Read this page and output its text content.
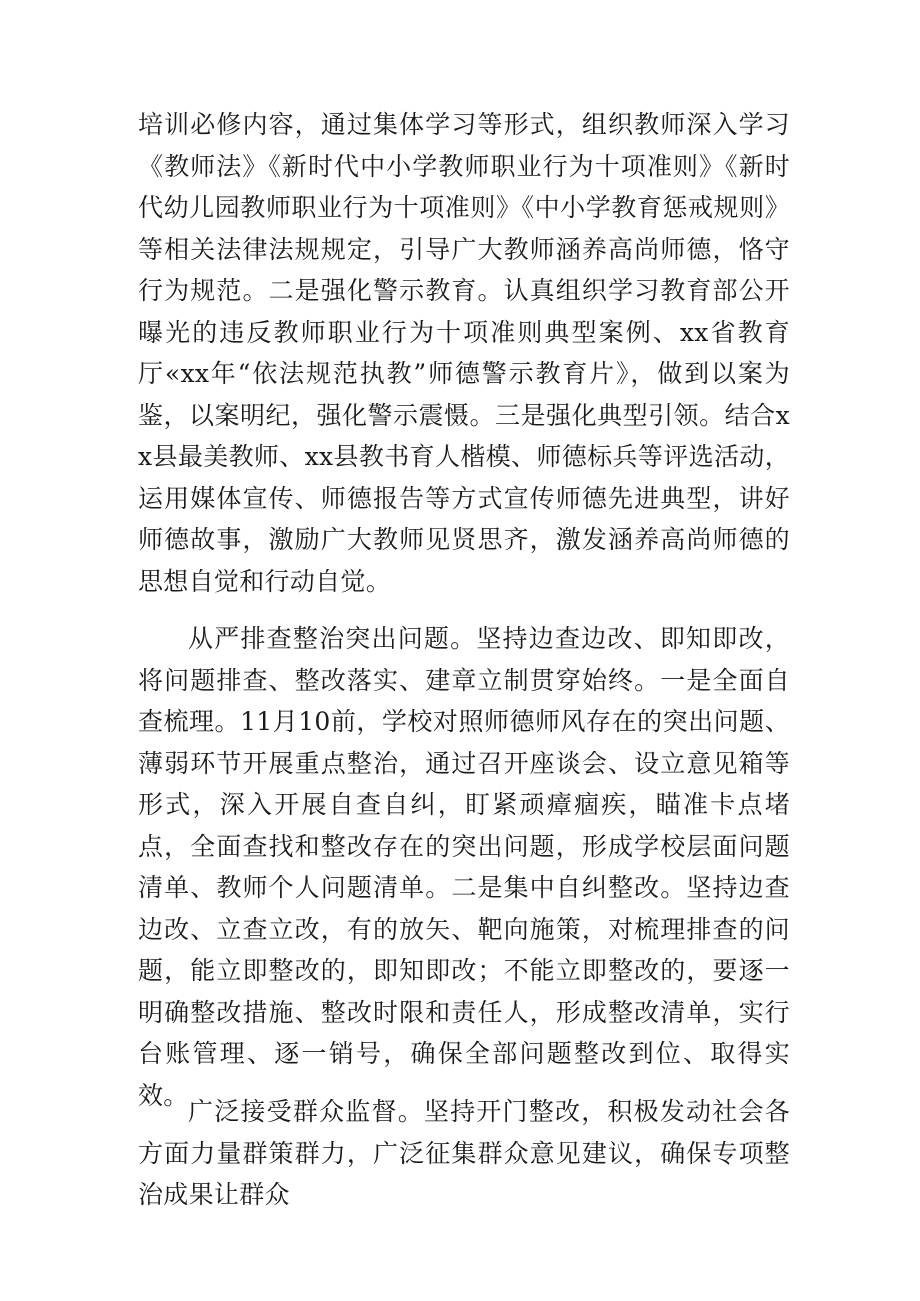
培训必修内容，通过集体学习等形式，组织教师深入学习《教师法》《新时代中小学教师职业行为十项准则》《新时代幼儿园教师职业行为十项准则》《中小学教育惩戒规则》等相关法律法规规定，引导广大教师涵养高尚师德，恪守行为规范。二是强化警示教育。认真组织学习教育部公开曝光的违反教师职业行为十项准则典型案例、xx省教育厅«xx年“依法规范执教”师德警示教育片》，做到以案为鉴，以案明纪，强化警示震慑。三是强化典型引领。结合xx县最美教师、xx县教书育人楷模、师德标兵等评选活动，运用媒体宣传、师德报告等方式宣传师德先进典型，讲好师德故事，激励广大教师见贤思齐，激发涵养高尚师德的思想自觉和行动自觉。

从严排查整治突出问题。坚持边查边改、即知即改，将问题排查、整改落实、建章立制贯穿始终。一是全面自查梳理。11月10前，学校对照师德师风存在的突出问题、薄弱环节开展重点整治，通过召开座谈会、设立意见箱等形式，深入开展自查自纠，盯紧顽瘴痼疾，瞄准卡点堵点，全面查找和整改存在的突出问题，形成学校层面问题清单、教师个人问题清单。二是集中自纠整改。坚持边查边改、立查立改，有的放矢、靶向施策，对梳理排查的问题，能立即整改的，即知即改；不能立即整改的，要逐一明确整改措施、整改时限和责任人，形成整改清单，实行台账管理、逐一销号，确保全部问题整改到位、取得实效。

广泛接受群众监督。坚持开门整改，积极发动社会各方面力量群策群力，广泛征集群众意见建议，确保专项整治成果让群众
